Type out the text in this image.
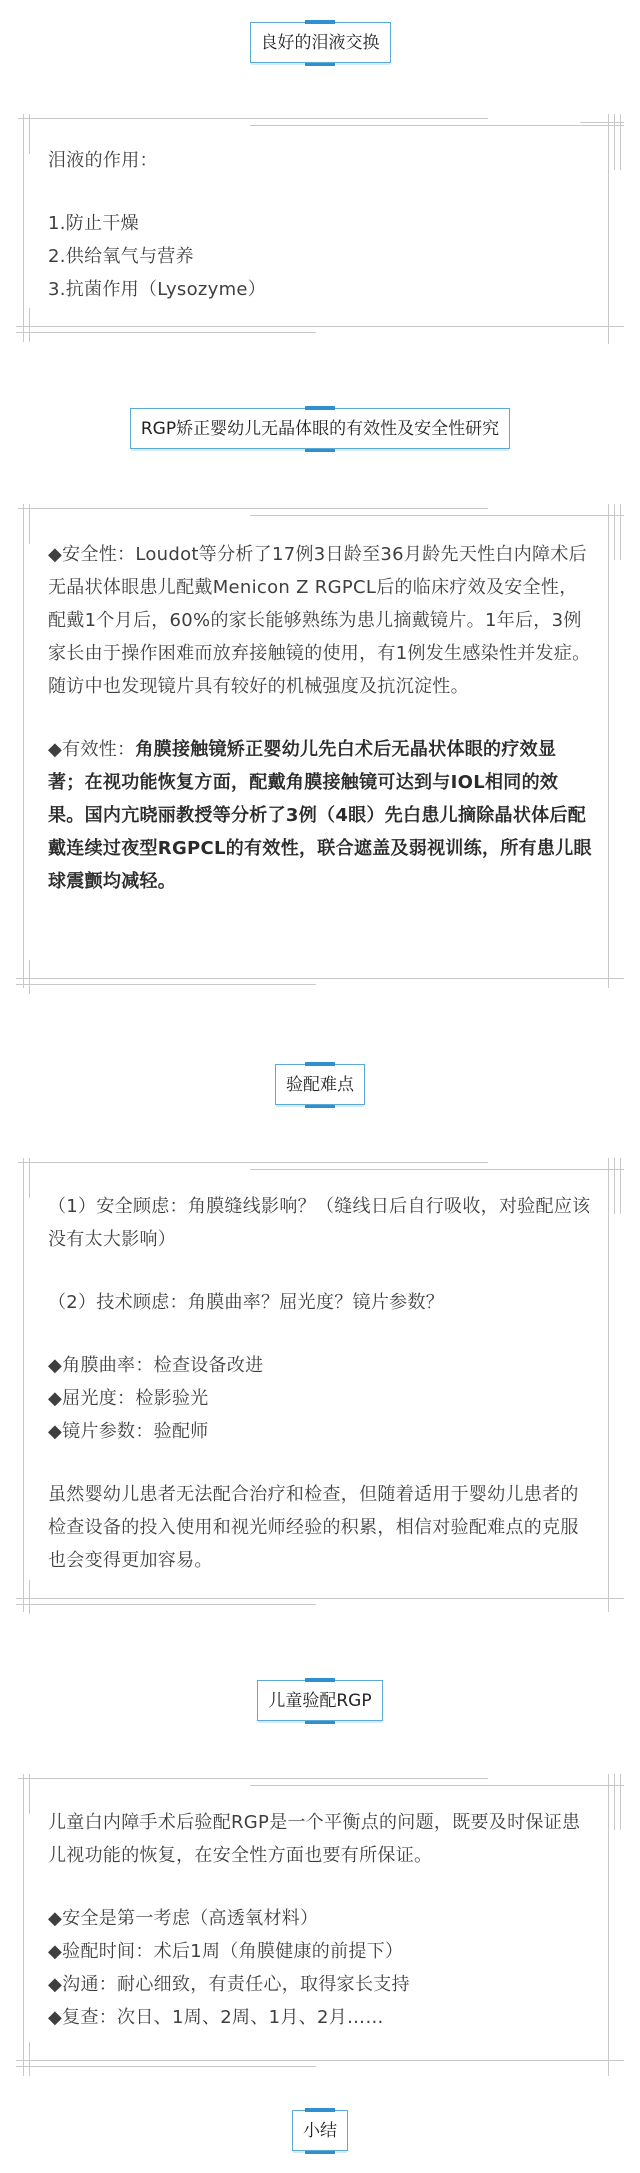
良好的泪液交换

泪液的作用：

1.防止干燥

2.供给氧气与营养

3.抗菌作用（Lysozyme）

RGP矫正婴幼儿无晶体眼的有效性及安全性研究

◆安全性：Loudot等分析了17例3日龄至36月龄先天性白内障术后无晶状体眼患儿配戴Menicon Z RGPCL后的临床疗效及安全性，配戴1个月后，60%的家长能够熟练为患儿摘戴镜片。1年后，3例家长由于操作困难而放弃接触镜的使用，有1例发生感染性并发症。随访中也发现镜片具有较好的机械强度及抗沉淀性。

◆有效性：角膜接触镜矫正婴幼儿先白术后无晶状体眼的疗效显著；在视功能恢复方面，配戴角膜接触镜可达到与IOL相同的效果。国内亢晓丽教授等分析了3例（4眼）先白患儿摘除晶状体后配戴连续过夜型RGPCL的有效性，联合遮盖及弱视训练，所有患儿眼球震颤均减轻。

验配难点

（1）安全顾虑：角膜缝线影响？（缝线日后自行吸收，对验配应该没有太大影响）

（2）技术顾虑：角膜曲率？屈光度？镜片参数？

◆角膜曲率：检查设备改进

◆屈光度：检影验光

◆镜片参数：验配师

虽然婴幼儿患者无法配合治疗和检查，但随着适用于婴幼儿患者的检查设备的投入使用和视光师经验的积累，相信对验配难点的克服也会变得更加容易。

儿童验配RGP

儿童白内障手术后验配RGP是一个平衡点的问题，既要及时保证患儿视功能的恢复，在安全性方面也要有所保证。

◆安全是第一考虑（高透氧材料）

◆验配时间：术后1周（角膜健康的前提下）

◆沟通：耐心细致，有责任心，取得家长支持

◆复查：次日、1周、2周、1月、2月……

小结
